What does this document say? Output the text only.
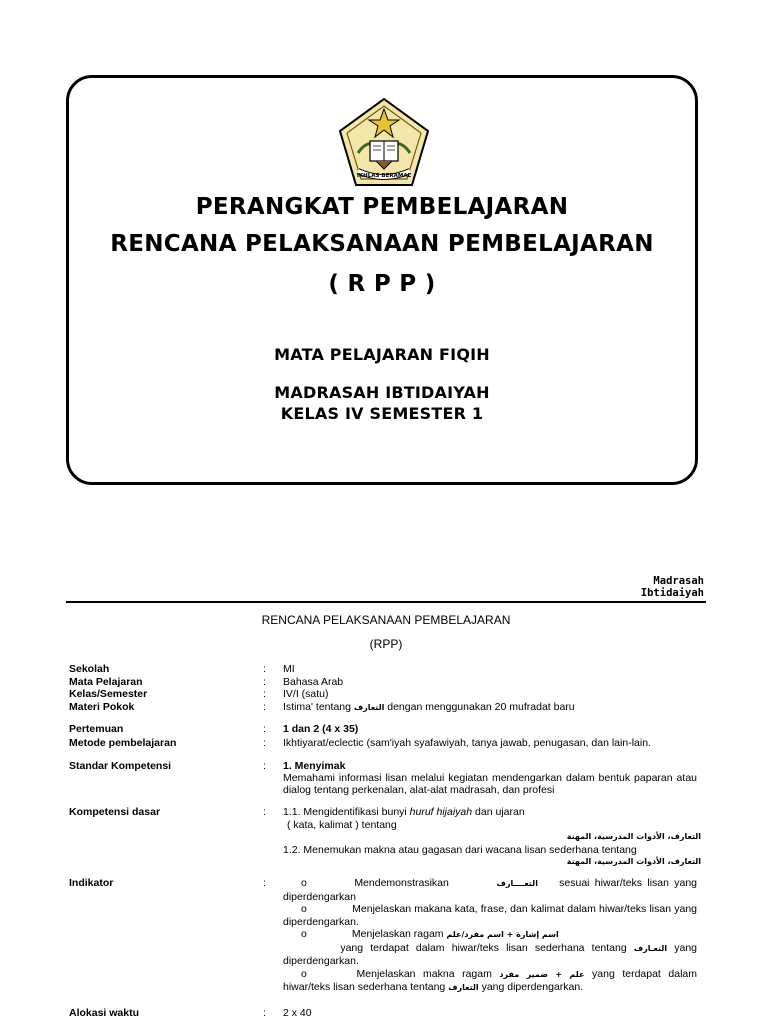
IKHLAS BERAMAL
PERANGKAT PEMBELAJARAN
RENCANA PELAKSANAAN PEMBELAJARAN
( R P P )
MATA PELAJARAN FIQIH
MADRASAH IBTIDAIYAH
KELAS IV SEMESTER 1
Madrasah
Ibtidaiyah
RENCANA PELAKSANAAN PEMBELAJARAN
(RPP)
Sekolah	: MI
Mata Pelajaran	: Bahasa Arab
Kelas/Semester	: IV/I (satu)
Materi Pokok	: Istima' tentang التعارف dengan menggunakan 20 mufradat baru
Pertemuan	: 1 dan 2 (4 x 35)
Metode pembelajaran	: Ikhtiyarat/eclectic (sam'iyah syafawiyah, tanya jawab, penugasan, dan lain-lain.
Standar Kompetensi	: 1. Menyimak
Memahami informasi lisan melalui kegiatan mendengarkan dalam bentuk paparan atau dialog tentang perkenalan, alat-alat madrasah, dan profesi
Kompetensi dasar	: 1.1. Mengidentifikasi bunyi huruf hijaiyah dan ujaran
( kata, kalimat ) tentang
التعارف، الأدوات المدرسية، المهنة
1.2. Menemukan makna atau gagasan dari wacana lisan sederhana tentang
التعارف، الأدوات المدرسية، المهنة
Indikator	:	o	Mendemonstrasikan	التعــــارف sesuai hiwar/teks lisan yang diperdengarkan

o	Menjelaskan makana kata, frase, dan kalimat dalam hiwar/teks lisan yang diperdengarkan.

o	Menjelaskan ragam اسم إشارة + اسم مفرد/علم
yang terdapat dalam hiwar/teks lisan sederhana tentang التعـارف yang diperdengarkan.

o	Menjelaskan makna ragam علم + ضمير مفرد yang terdapat dalam hiwar/teks lisan sederhana tentang التعارف yang diperdengarkan.

Alokasi waktu	: 2 x 40
